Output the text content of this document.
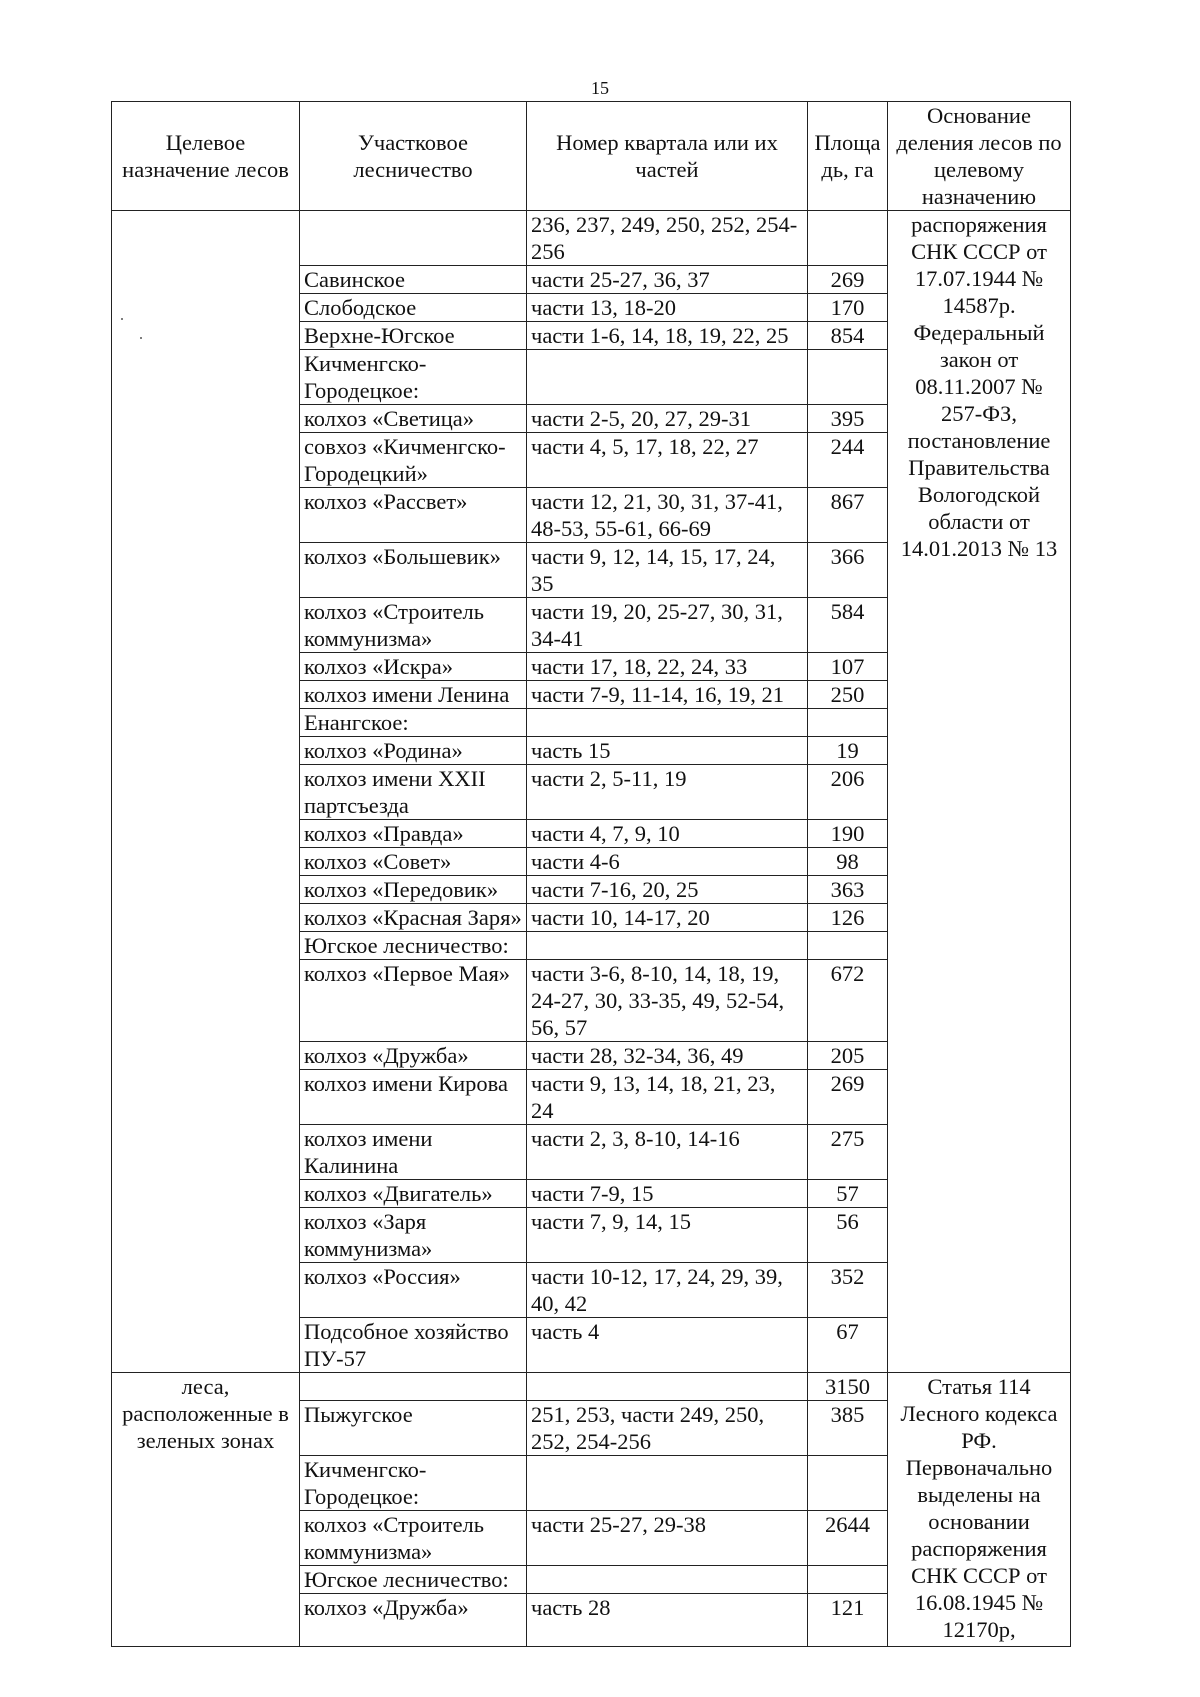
15
Целевое назначение лесов	Участковое лесничество	Номер квартала или их частей	Площа дь, га	Основание деления лесов по целевому назначению
		236, 237, 249, 250, 252, 254-256		распоряжения СНК СССР от 17.07.1944 № 14587р. Федеральный закон от 08.11.2007 № 257-ФЗ, постановление Правительства Вологодской области от 14.01.2013 № 13
	Савинское	части 25-27, 36, 37	269	
	Слободское	части 13, 18-20	170	
	Верхне-Югское	части 1-6, 14, 18, 19, 22, 25	854	
	Кичменгско-Городецкое:			
	колхоз «Светица»	части 2-5, 20, 27, 29-31	395	
	совхоз «Кичменгско-Городецкий»	части 4, 5, 17, 18, 22, 27	244	
	колхоз «Рассвет»	части 12, 21, 30, 31, 37-41, 48-53, 55-61, 66-69	867	
	колхоз «Большевик»	части 9, 12, 14, 15, 17, 24, 35	366	
	колхоз «Строитель коммунизма»	части 19, 20, 25-27, 30, 31, 34-41	584	
	колхоз «Искра»	части 17, 18, 22, 24, 33	107	
	колхоз имени Ленина	части 7-9, 11-14, 16, 19, 21	250	
	Енангское:			
	колхоз «Родина»	часть 15	19	
	колхоз имени XXII партсъезда	части 2, 5-11, 19	206	
	колхоз «Правда»	части 4, 7, 9, 10	190	
	колхоз «Совет»	части 4-6	98	
	колхоз «Передовик»	части 7-16, 20, 25	363	
	колхоз «Красная Заря»	части 10, 14-17, 20	126	
	Югское лесничество:			
	колхоз «Первое Мая»	части 3-6, 8-10, 14, 18, 19, 24-27, 30, 33-35, 49, 52-54, 56, 57	672	
	колхоз «Дружба»	части 28, 32-34, 36, 49	205	
	колхоз имени Кирова	части 9, 13, 14, 18, 21, 23, 24	269	
	колхоз имени Калинина	части 2, 3, 8-10, 14-16	275	
	колхоз «Двигатель»	части 7-9, 15	57	
	колхоз «Заря коммунизма»	части 7, 9, 14, 15	56	
	колхоз «Россия»	части 10-12, 17, 24, 29, 39, 40, 42	352	
	Подсобное хозяйство ПУ-57	часть 4	67	
леса, расположенные в зеленых зонах			3150	Статья 114 Лесного кодекса РФ. Первоначально выделены на основании распоряжения СНК СССР от 16.08.1945 № 12170р,
	Пыжугское	251, 253, части 249, 250, 252, 254-256	385	
	Кичменгско-Городецкое:			
	колхоз «Строитель коммунизма»	части 25-27, 29-38	2644	
	Югское лесничество:			
	колхоз «Дружба»	часть 28	121	
